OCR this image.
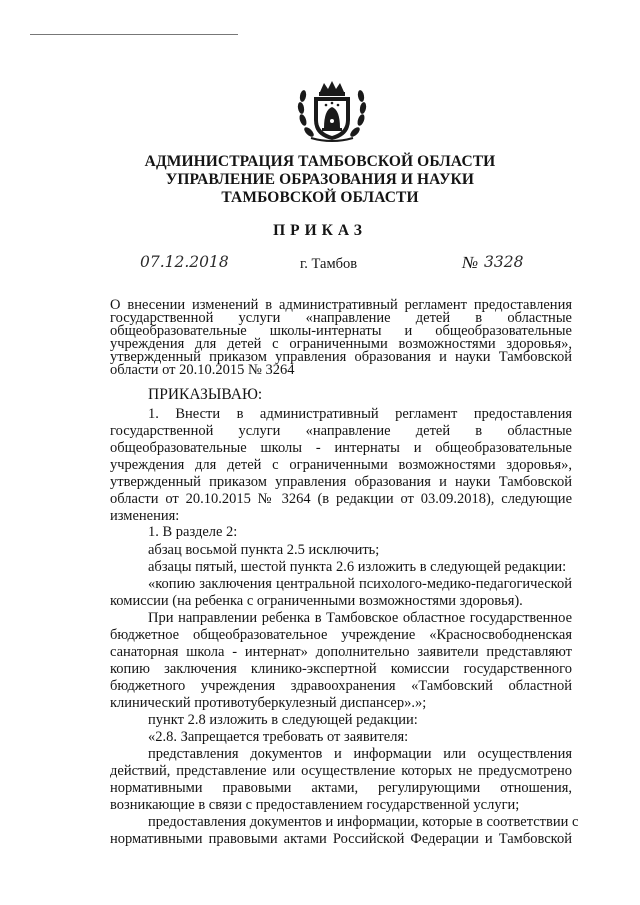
АДМИНИСТРАЦИЯ ТАМБОВСКОЙ ОБЛАСТИ
УПРАВЛЕНИЕ ОБРАЗОВАНИЯ И НАУКИ
ТАМБОВСКОЙ ОБЛАСТИ
ПРИКАЗ
07.12.2018	г. Тамбов	№ 3328
О внесении изменений в административный регламент предоставления
государственной услуги «направление детей в областные
общеобразовательные школы-интернаты и общеобразовательные
учреждения для детей с ограниченными возможностями здоровья»,
утвержденный приказом управления образования и науки Тамбовской
области от 20.10.2015 № 3264
ПРИКАЗЫВАЮ:
1. Внести в административный регламент предоставления
государственной услуги «направление детей в областные
общеобразовательные школы - интернаты и общеобразовательные
учреждения для детей с ограниченными возможностями здоровья»,
утвержденный приказом управления образования и науки Тамбовской
области от 20.10.2015 № 3264 (в редакции от 03.09.2018), следующие
изменения:
1. В разделе 2:
абзац восьмой пункта 2.5 исключить;
абзацы пятый, шестой пункта 2.6 изложить в следующей редакции:
«копию заключения центральной психолого-медико-педагогической
комиссии (на ребенка с ограниченными возможностями здоровья).
При направлении ребенка в Тамбовское областное государственное
бюджетное общеобразовательное учреждение «Красносвободненская
санаторная школа - интернат» дополнительно заявители представляют
копию заключения клинико-экспертной комиссии государственного
бюджетного учреждения здравоохранения «Тамбовский областной
клинический противотуберкулезный диспансер».»;
пункт 2.8 изложить в следующей редакции:
«2.8. Запрещается требовать от заявителя:
представления документов и информации или осуществления
действий, представление или осуществление которых не предусмотрено
нормативными правовыми актами, регулирующими отношения,
возникающие в связи с предоставлением государственной услуги;
предоставления документов и информации, которые в соответствии с
нормативными правовыми актами Российской Федерации и Тамбовской
